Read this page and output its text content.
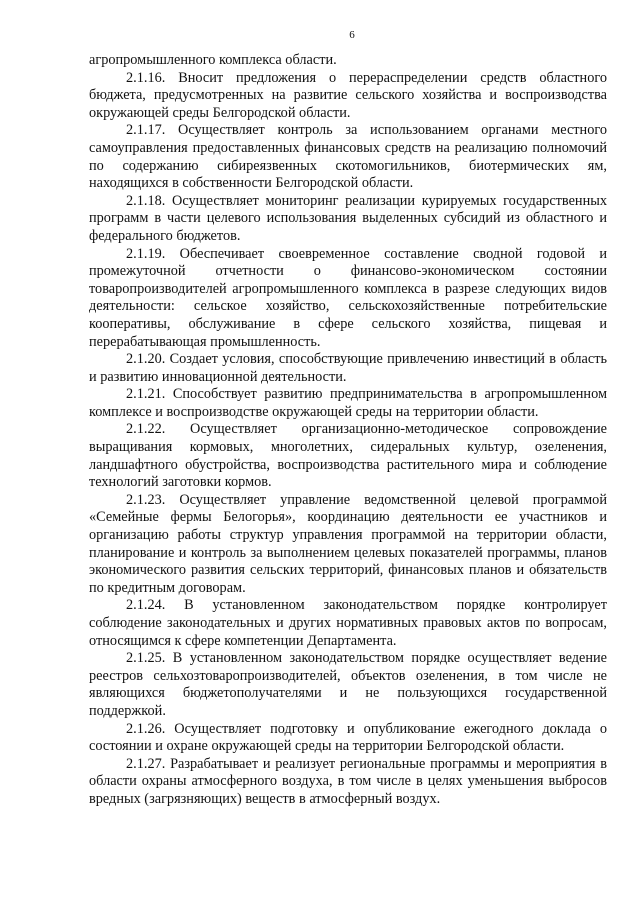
6

агропромышленного комплекса области.

2.1.16. Вносит предложения о перераспределении средств областного бюджета, предусмотренных на развитие сельского хозяйства и воспроизводства окружающей среды Белгородской области.

2.1.17. Осуществляет контроль за использованием органами местного самоуправления предоставленных финансовых средств на реализацию полномочий по содержанию сибиреязвенных скотомогильников, биотермических ям, находящихся в собственности Белгородской области.

2.1.18. Осуществляет мониторинг реализации курируемых государственных программ в части целевого использования выделенных субсидий из областного и федерального бюджетов.

2.1.19. Обеспечивает своевременное составление сводной годовой и промежуточной отчетности о финансово-экономическом состоянии товаропроизводителей агропромышленного комплекса в разрезе следующих видов деятельности: сельское хозяйство, сельскохозяйственные потребительские кооперативы, обслуживание в сфере сельского хозяйства, пищевая и перерабатывающая промышленность.

2.1.20. Создает условия, способствующие привлечению инвестиций в область и развитию инновационной деятельности.

2.1.21. Способствует развитию предпринимательства в агропромышленном комплексе и воспроизводстве окружающей среды на территории области.

2.1.22. Осуществляет организационно-методическое сопровождение выращивания кормовых, многолетних, сидеральных культур, озеленения, ландшафтного обустройства, воспроизводства растительного мира и соблюдение технологий заготовки кормов.

2.1.23. Осуществляет управление ведомственной целевой программой «Семейные фермы Белогорья», координацию деятельности ее участников и организацию работы структур управления программой на территории области, планирование и контроль за выполнением целевых показателей программы, планов экономического развития сельских территорий, финансовых планов и обязательств по кредитным договорам.

2.1.24. В установленном законодательством порядке контролирует соблюдение законодательных и других нормативных правовых актов по вопросам, относящимся к сфере компетенции Департамента.

2.1.25. В установленном законодательством порядке осуществляет ведение реестров сельхозтоваропроизводителей, объектов озеленения, в том числе не являющихся бюджетополучателями и не пользующихся государственной поддержкой.

2.1.26. Осуществляет подготовку и опубликование ежегодного доклада о состоянии и охране окружающей среды на территории Белгородской области.

2.1.27. Разрабатывает и реализует региональные программы и мероприятия в области охраны атмосферного воздуха, в том числе в целях уменьшения выбросов вредных (загрязняющих) веществ в атмосферный воздух.
